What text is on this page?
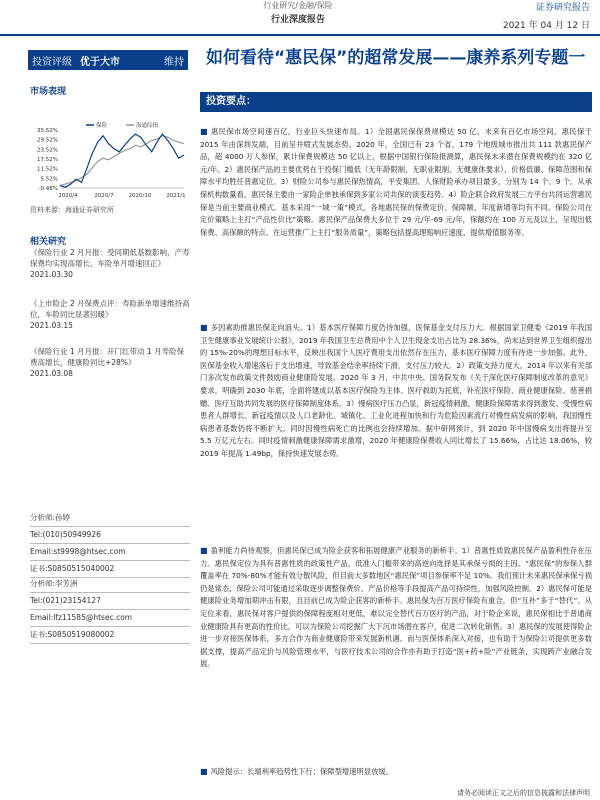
行业研究/金融/保险
行业深度报告
证券研究报告
2021 年 04 月 12 日
投资评级 优于大市	维持
市场表现
-0.48%
5.52%
11.52%
17.52%
23.52%
29.52%
35.52%
2020/4	2020/7	2020/10	2021/1
保险	海通综指
资料来源：海通证券研究所
相关研究
《保险行业 2 月月报：受同期低基数影响，产寿保费均实现高增长，车险单月增速回正》
2021.03.30
《上市险企 2 月保费点评：寿险新单增速维持高位，车险同比显著回暖》
2021.03.15
《保险行业 1 月月报：开门红带动 1 月寿险保费高增长，健康险同比+28%》
2021.03.08
分析师:孙婷
Tel:(010)50949926
Email:st9998@htsec.com
证书:S0850515040002
分析师:李芳洲
Tel:(021)23154127
Email:lfz11585@htsec.com
证书:S0850519080002
如何看待“惠民保”的超常发展——康养系列专题一
投资要点：
■ 惠民保市场空间速百亿，行业巨头快速布局。1）全国惠民保保费规模达 50 亿，未来有百亿市场空间。惠民保于 2015 年由深圳发端，目前呈井喷式发展态势。2020 年，全国已有 23 个省、179 个地级城市推出共 111 款惠民保产品，超 4000 万人参保，累计保费规模达 50 亿以上，根据中国银行保险报测算，惠民保未来潜在保费规模约在 320 亿元/年。2）惠民保产品的主要优势在于投保门槛低（无年龄限制，无职业限制、无健康体要求），价格低廉、保障范围和保障水平均胜任普惠定位。3）财险公司参与惠民保热情高，平安集团、人保财险承办项目最多，分别为 14 个、9 个。从承保机构数量看，惠民保主要由一家险企单独承保到多家公司共保的演变趋势。4）险企联合政府发展三方平台共同运营惠民保是当前主要商业模式。基本采用“一城一策”模式，各地惠民保的保费定价、保障额、年度新增等均有不同。保险公司在定价策略上主打“产品性价比”策略。惠民保产品保费大多位于 29 元/年-69 元/年，保额约在 100 万元及以上，呈现出低保费、高保额的特点。在运营推广上主打“服务质量”，策略包括提高理赔响应速度，提供增值服务等。
■ 多因素助推惠民保走向浪头。1）基本医疗保障力度仍待加强，医保基金支付压力大。根据国家卫健委《2019 年我国卫生健康事业发展统计公报》，2019 年我国卫生总费用中个人卫生现金支出占比为 28.36%，尚未达到世界卫生组织提出的 15%-20%的理想目标水平，反映出我国个人医疗费用支出依然存在压力，基本医疗保障力度有待进一步加强。此外，医保基金收入增速落后于支出增速，导致基金结余率持续下滑，支付压力较大。2）政策支持力度大。2014 年以来有关部门多次发布政策文件鼓励商业健康险发展。2020 年 3 月，中共中央、国务院发布《关于深化医疗保障制度改革的意见》要求，明确到 2030 年底，全面将建成以基本医疗保险为主体、医疗救助为托底，补充医疗保险、商业健康保险、慈善捐赠、医疗互助共同发展的医疗保障制度体系。3）慢病医疗压力凸显，新冠疫情刺激，健康险保障需求得到激发。受慢性病患者人群增长、新冠疫情以及人口老龄化、城镇化、工业化进程加快和行为危险因素流行对慢性病发病的影响，我国慢性病患者基数仍将不断扩大，同时因慢性病死亡的比例也会持续增加。据中研网预计，到 2020 年中国慢病支出将提升至 5.5 万亿元左右。同时疫情刺激健康保障需求激增，2020 年健康险保费收入同比增长了 15.66%，占比达 18.06%，较 2019 年提高 1.49bp，保持快速发展态势。
■ 盈利能力尚待观察，但惠民保已成为险企获客和拓展健康产业服务的新桥手。1）普惠性质致惠民保产品盈利性存在压力。惠民保定位为具有普惠性质的政策性产品，低准入门槛带来的高逆向选择是其承保亏损的主因。“惠民保”的参保人群覆盖率在 70%-80%才能有效分散风险，但目前大多数地区“惠民保”项目参保率不足 10%。我们预计未来惠民保承保亏损仍是常态，保险公司可能通过采取逐步调整保费价、产品价格等手段提高产品可持续性，加强风险控制。2）惠民保可能是健康险业务增加期冲击有限，且目前已成为险企获客的新桥手。惠民保为百万医疗保险有重合，但“互补”多于“替代”。从定位来看，惠民保对客户提供的保障程度相对更低，难以完全替代百万医疗的产品，对于险企来说，惠民保相比于普通商业健康险具有更高的性价比，可以为保险公司挖掘广大下沉市场潜在客户，促进二次转化销售。3）惠民保的发展使得险企进一步对接医保体系，多方合作为商业健康险带来发展新机遇。而与医保体系深入对接，也有助于为保险公司提供更多数据支撑，提高产品定价与风险管理水平，与医疗技术公司的合作亦有助于打造“医+药+险”产业链条，实现跨产业融合发展。
■ 风险提示：长端利率趋势性下行；保障型增速明显放缓。
请务必阅读正文之后的信息披露和法律声明
